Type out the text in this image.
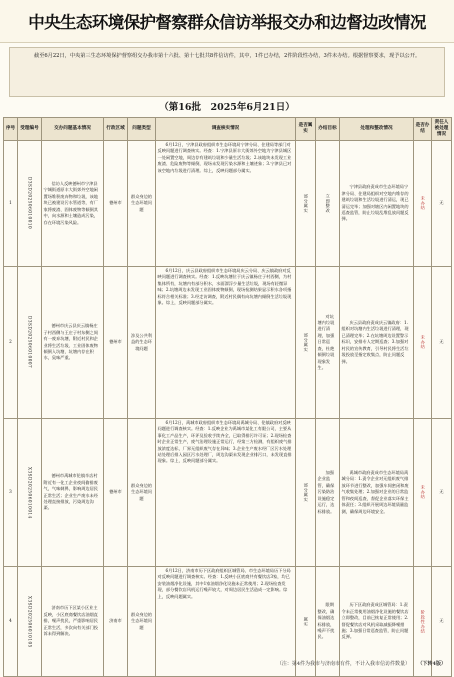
中央生态环境保护督察群众信访举报交办和边督边改情况
截至6月22日，中央第三生态环境保护督察组交办我市第十六批、第十七批共8件信访件，其中，1件已办结，2件阶段性办结，3件未办结。根据督察要求，现予以公开。
（第16批　2025年6月21日）
序号	受理编号	交办问题基本情况	行政区域	问题类型	调查核实情况	是否属实	办结目标	处理和整改情况	是否办结	责任人被处理情况
1	D3SD202506010010	信访人反映德州市宁津县宁城街道原丰大街郊外空地闲置场堆积废弃物和垃圾，该地块已被建设污水管道等，有厂家将废渣、固体废物等倾倒其中，向水源和土壤造成污染，存在环境污染风险。	德州市	群众身边的生态环境问题	6月12日，宁津县政府组织市生态环境局宁津分局、住建局等部门对反映问题进行调查核实。经查：1.宁津县原丰大街郊外空地为宁津县城区一处闲置空地，周边存有建筑垃圾和少量生活垃圾；2.该地块未发现工业废渣、危险废物等倾倒，现场未发现污染水源和土壤迹象；3.宁津县已对该空地内垃圾进行清理。综上，反映问题部分属实。	部分属实	立即整改	宁津县政府责成市生态环境局宁津分局、住建局组织对空地内堆存的建筑垃圾和生活垃圾进行清运，现已清运完毕；加强对辖区内闲置地块的巡查监管，防止垃圾乱堆乱放问题反弹。	未办结	无
2	D3SD202506010007	德州市庆云县庆云镇杨庄子村西侧与王庄子村东侧之间有一废弃坑塘，附近村民和企业将生活垃圾、工业固体废物倾倒入坑塘，坑塘内存在积水，臭味严重。	德州市	涉及公共利益的生态环境问题	6月12日，庆云县政府组织市生态环境局庆云分局、庆云镇政府对反映问题进行调查核实。经查：1.反映坑塘位于庆云镇杨庄子村西侧，为村集体所有，坑塘内有部分积水，水面漂浮少量生活垃圾，现场有轻微异味；2.坑塘周边未发现工业固体废物倾倒，现场检测结果显示积水各项指标符合相关标准；3.经走访调查，附近村民偶有向坑塘内倾倒生活垃圾现象。综上，反映问题部分属实。	部分属实	对坑塘内垃圾进行清理，加强日常巡查，杜绝倾倒垃圾现象发生。	庆云县政府责成庆云镇政府：1.组织对坑塘内生活垃圾进行清理，现已清理完毕；2.在坑塘周边设置警示标识，安排专人定期巡查；3.加强对村民的宣传教育，引导村民将生活垃圾投放至指定收集点，防止问题反弹。	未办结	无
3	X3SD202506010014	德州市禹城市伦镇辛店村附近有一化工企业夜间偷排废气，气味刺鼻，影响周边居民正常生活；企业生产废水未经处理直接排放，污染周边沟渠。	德州市	群众身边的生态环境问题	6月12日，禹城市政府组织市生态环境局禹城分局、伦镇政府对反映问题进行调查核实。经查：1.反映企业为禹城市某化工有限公司，主要从事化工产品生产，环评及验收手续齐全，已取得排污许可证；2.现场检查时企业正常生产，废气治理设施正常运行，经第三方检测，有组织废气排放浓度达标，厂界无组织废气存在异味；3.企业生产废水经厂区污水处理站处理后排入园区污水处理厂，周边沟渠未发现企业排污口，未发现直排现象。综上，反映问题部分属实。	部分属实	加强企业监管，确保污染防治设施稳定运行，达标排放。	禹城市政府责成市生态环境局禹城分局：1.责令企业对无组织废气排放环节进行整改，加强车间密闭和废气收集处理；2.加强对企业的日常监管和夜间巡查，督促企业落实环保主体责任；3.组织开展周边环境质量监测，确保周边环境安全。	未办结	无
4	X3SD202506010105	济南市历下区某小区业主反映，小区底商餐饮店油烟直排，噪声扰民，严重影响居民正常生活，多次向有关部门投诉未得到解决。	济南市	群众身边的生态环境问题	6月12日，济南市历下区政府组织区城管局、市生态环境局历下分局对反映问题进行调查核实。经查：1.反映小区底商共有餐饮店3家，均已安装油烟净化设施，其中1家油烟净化设施未正常使用；2.现场检查发现，部分餐饮店风机运行噪声较大，对周边居民生活造成一定影响。综上，反映问题属实。	属实	限期整改，确保油烟达标排放，噪声不扰民。	历下区政府责成区城管局：1.责令未正常使用油烟净化设施的餐饮店立即整改，目前已恢复正常使用；2.督促餐饮店对风机采取减振降噪措施；3.加强日常巡查监管，防止问题反弹。	阶段性办结	无
（注：第4件为我市与济南市有件，不计入我市信访件数量） （下转4版）
